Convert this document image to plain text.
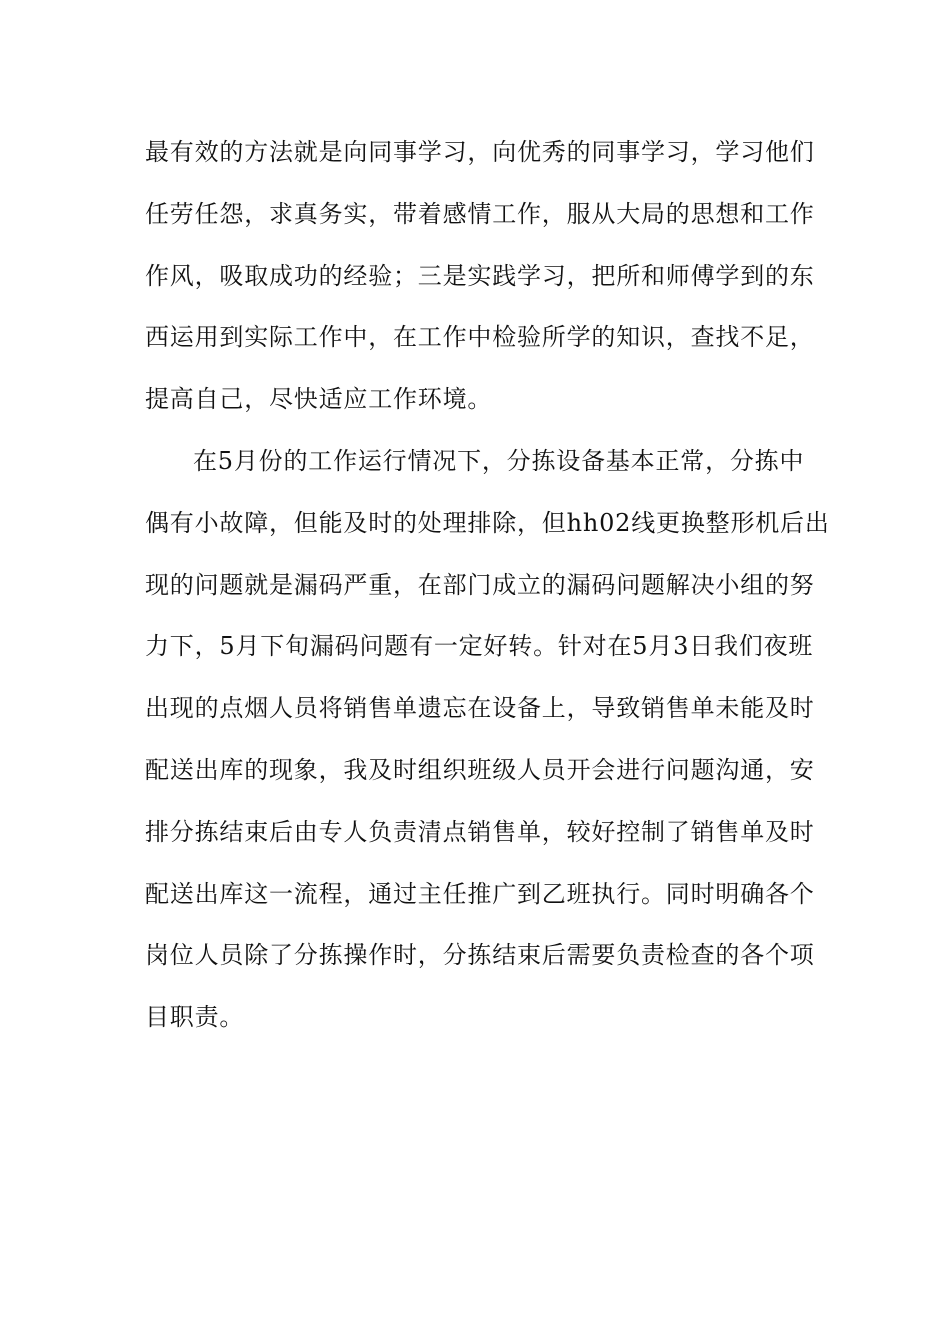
最有效的方法就是向同事学习，向优秀的同事学习，学习他们
任劳任怨，求真务实，带着感情工作，服从大局的思想和工作
作风，吸取成功的经验；三是实践学习，把所和师傅学到的东
西运用到实际工作中，在工作中检验所学的知识，查找不足，
提高自己，尽快适应工作环境。
在5月份的工作运行情况下，分拣设备基本正常，分拣中
偶有小故障，但能及时的处理排除，但hh02线更换整形机后出
现的问题就是漏码严重，在部门成立的漏码问题解决小组的努
力下，5月下旬漏码问题有一定好转。针对在5月3日我们夜班
出现的点烟人员将销售单遗忘在设备上，导致销售单未能及时
配送出库的现象，我及时组织班级人员开会进行问题沟通，安
排分拣结束后由专人负责清点销售单，较好控制了销售单及时
配送出库这一流程，通过主任推广到乙班执行。同时明确各个
岗位人员除了分拣操作时，分拣结束后需要负责检查的各个项
目职责。
